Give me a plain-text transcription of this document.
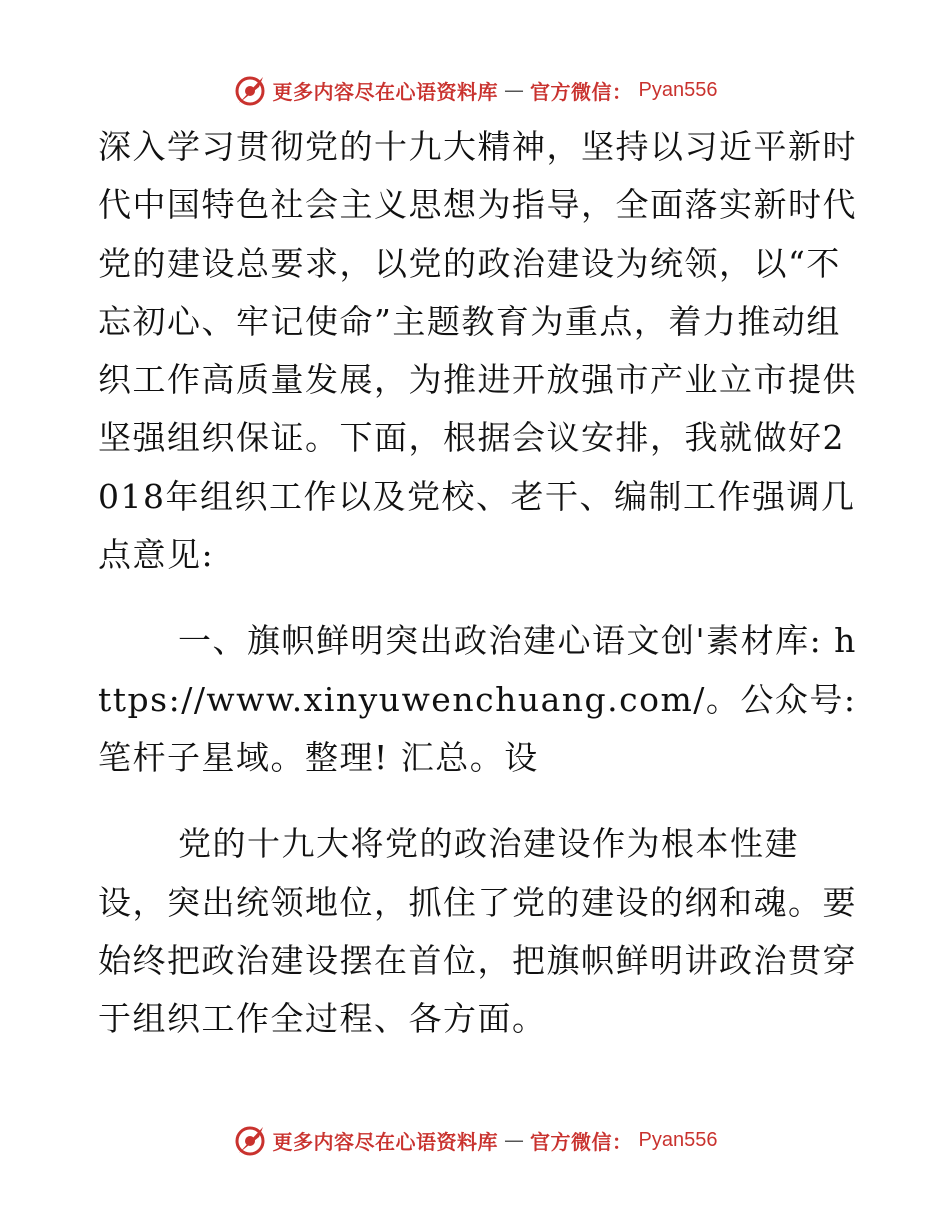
更多内容尽在心语资料库 — 官方微信： Pyan556

深入学习贯彻党的十九大精神，坚持以习近平新时代中国特色社会主义思想为指导，全面落实新时代党的建设总要求，以党的政治建设为统领，以“不忘初心、牢记使命”主题教育为重点，着力推动组织工作高质量发展，为推进开放强市产业立市提供坚强组织保证。下面，根据会议安排，我就做好2018年组织工作以及党校、老干、编制工作强调几点意见:

一、旗帜鲜明突出政治建心语文创'素材库: https://www.xinyuwenchuang.com/。公众号: 笔杆子星域。整理! 汇总。设

党的十九大将党的政治建设作为根本性建设，突出统领地位，抓住了党的建设的纲和魂。要始终把政治建设摆在首位，把旗帜鲜明讲政治贯穿于组织工作全过程、各方面。

更多内容尽在心语资料库 — 官方微信： Pyan556
